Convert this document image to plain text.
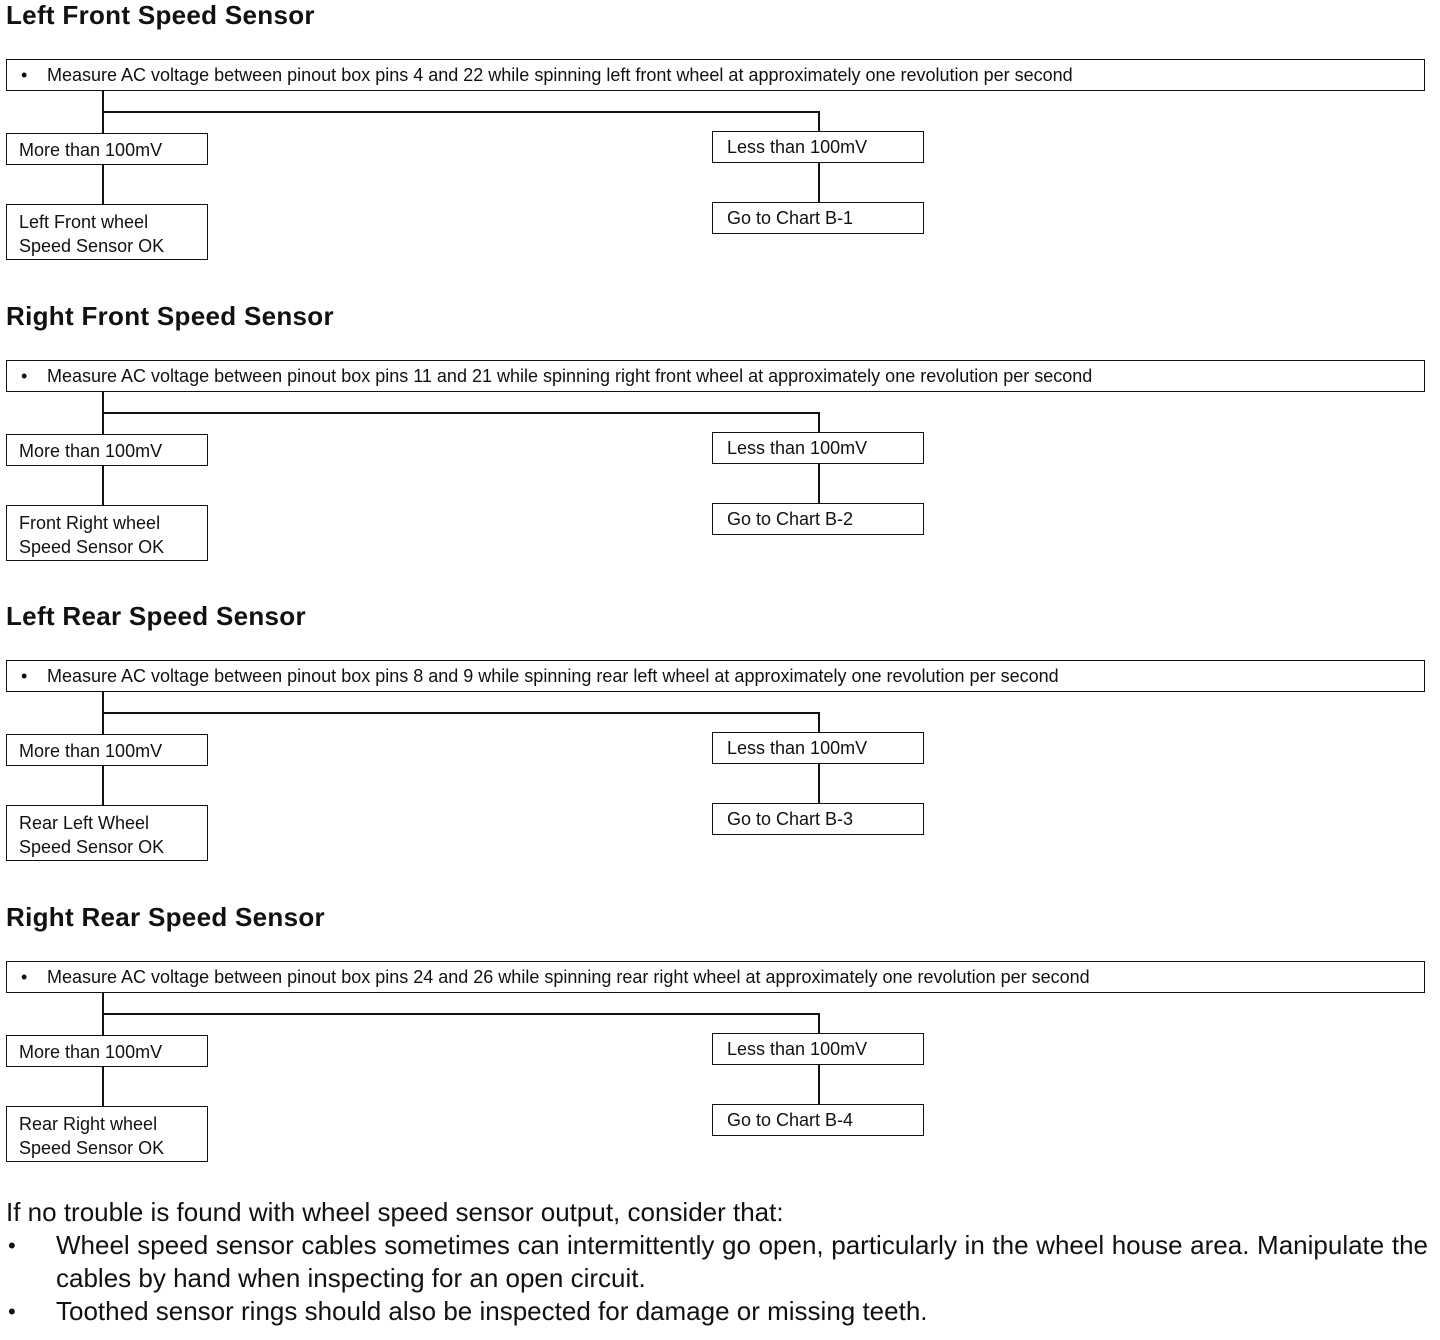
Left Front Speed Sensor
• Measure AC voltage between pinout box pins 4 and 22 while spinning left front wheel at approximately one revolution per second
More than 100mV
Left Front wheel
Speed Sensor OK
Less than 100mV
Go to Chart B-1
Right Front Speed Sensor
• Measure AC voltage between pinout box pins 11 and 21 while spinning right front wheel at approximately one revolution per second
More than 100mV
Front Right wheel
Speed Sensor OK
Less than 100mV
Go to Chart B-2
Left Rear Speed Sensor
• Measure AC voltage between pinout box pins 8 and 9 while spinning rear left wheel at approximately one revolution per second
More than 100mV
Rear Left Wheel
Speed Sensor OK
Less than 100mV
Go to Chart B-3
Right Rear Speed Sensor
• Measure AC voltage between pinout box pins 24 and 26 while spinning rear right wheel at approximately one revolution per second
More than 100mV
Rear Right wheel
Speed Sensor OK
Less than 100mV
Go to Chart B-4
If no trouble is found with wheel speed sensor output, consider that:
• Wheel speed sensor cables sometimes can intermittently go open, particularly in the wheel house area. Manipulate the cables by hand when inspecting for an open circuit.
• Toothed sensor rings should also be inspected for damage or missing teeth.
